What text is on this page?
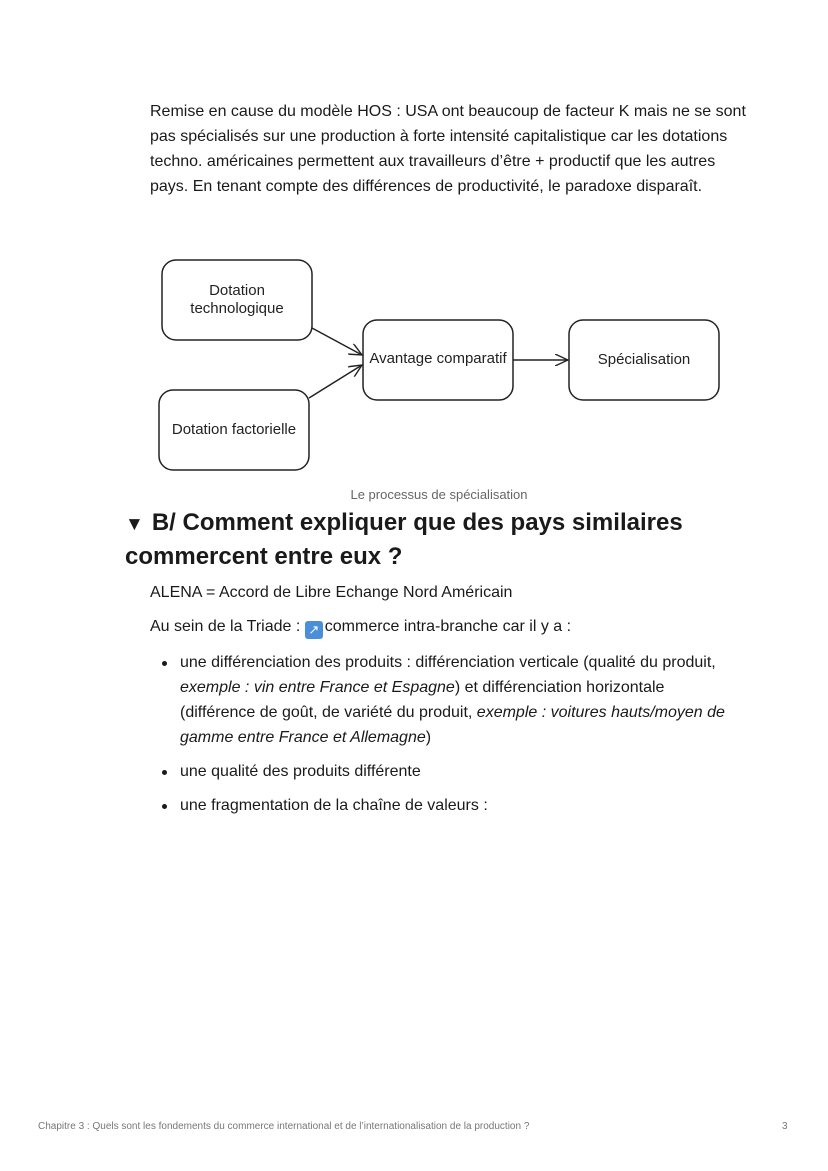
Remise en cause du modèle HOS : USA ont beaucoup de facteur K mais ne se sont pas spécialisés sur une production à forte intensité capitalistique car les dotations techno. américaines permettent aux travailleurs d’être + productif que les autres pays. En tenant compte des différences de productivité, le paradoxe disparaît.

Dotation
technologique
Dotation factorielle
Avantage comparatif	Spécialisation
Le processus de spécialisation
▼ B/ Comment expliquer que des pays similaires commercent entre eux ?

ALENA = Accord de Libre Echange Nord Américain

Au sein de la Triade : ↗ commerce intra-branche car il y a :

une différenciation des produits : différenciation verticale (qualité du produit, exemple : vin entre France et Espagne) et différenciation horizontale (différence de goût, de variété du produit, exemple : voitures hauts/moyen de gamme entre France et Allemagne)
une qualité des produits différente
une fragmentation de la chaîne de valeurs :
Chapitre 3 : Quels sont les fondements du commerce international et de l’internationalisation de la production ?	3
